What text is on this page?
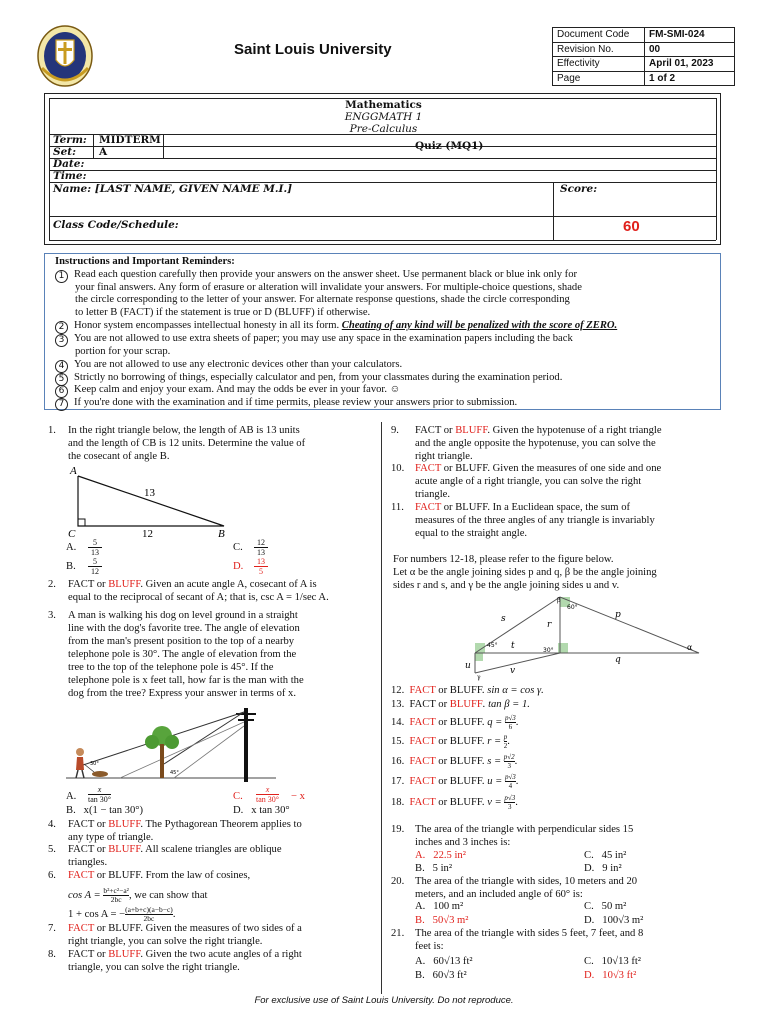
Saint Louis University
Document Code	FM-SMI-024
Revision No.	00
Effectivity	April 01, 2023
Page	1 of 2
Mathematics
ENGGMATH 1
Pre-Calculus
Term: MIDTERM
Set: A	Quiz (MQ1)
Date:
Time:
Name: [LAST NAME, GIVEN NAME M.I.]	Score:
Class Code/Schedule:	60
Instructions and Important Reminders:
1 Read each question carefully then provide your answers on the answer sheet. Use permanent black or blue ink only for
your final answers. Any form of erasure or alteration will invalidate your answers. For multiple-choice questions, shade
the circle corresponding to the letter of your answer. For alternate response questions, shade the circle corresponding
to letter B (FACT) if the statement is true or D (BLUFF) if otherwise.
2 Honor system encompasses intellectual honesty in all its form. Cheating of any kind will be penalized with the score of ZERO.
3 You are not allowed to use extra sheets of paper; you may use any space in the examination papers including the back
portion for your scrap.
4 You are not allowed to use any electronic devices other than your calculators.
5 Strictly no borrowing of things, especially calculator and pen, from your classmates during the examination period.
6 Keep calm and enjoy your exam. And may the odds be ever in your favor. ☺
7 If you're done with the examination and if time permits, please review your answers prior to submission.
1. In the right triangle below, the length of AB is 13 units
and the length of CB is 12 units. Determine the value of
the cosecant of angle B.
A
C	B
13
12
A.	5
13	C.	12
13
B.	5
12	D.	13
5
2. FACT or BLUFF. Given an acute angle A, cosecant of A is
equal to the reciprocal of secant of A; that is, csc A = 1/sec A.
3. A man is walking his dog on level ground in a straight
line with the dog's favorite tree. The angle of elevation
from the man's present position to the top of a nearby
telephone pole is 30°. The angle of elevation from the
tree to the top of the telephone pole is 45°. If the
telephone pole is x feet tall, how far is the man with the
dog from the tree? Express your answer in terms of x.
30°
45°
A.
x
tan 30°	C.
x
tan 30° − x
B. x(1 − tan 30°)	D. x tan 30°
4. FACT or BLUFF. The Pythagorean Theorem applies to
any type of triangle.
5. FACT or BLUFF. All scalene triangles are oblique
triangles.
6. FACT or BLUFF. From the law of cosines,
$\cos A = \frac{\text{b²+c²−a²}}{2bc}$ , we can show that
1 + cos A = − $\frac{(a+b+c)(a-b-c)}{2bc}$ .
7. FACT or BLUFF. Given the measures of two sides of a
right triangle, you can solve the right triangle.
8. FACT or BLUFF. Given the two acute angles of a right
triangle, you can solve the right triangle.
9. FACT or BLUFF. Given the hypotenuse of a right triangle
and the angle opposite the hypotenuse, you can solve the
right triangle.
10. FACT or BLUFF. Given the measures of one side and one
acute angle of a right triangle, you can solve the right
triangle.
11. FACT or BLUFF. In a Euclidean space, the sum of
measures of the three angles of any triangle is invariably
equal to the straight angle.
For numbers 12-18, please refer to the figure below.
Let α be the angle joining sides p and q, β be the angle joining
sides r and s, and γ be the angle joining sides u and v.
β
60°
p
s
r
45° t	30°
q
α
u	v
γ
12. FACT or BLUFF. sin α = cos γ.
13. FACT or BLUFF. tan β = 1.
14. FACT or BLUFF. $q = \frac{p√3}{6}$ .
15. FACT or BLUFF. $r = \frac{p}{2}$ .
16. FACT or BLUFF. $s = \frac{p√2}{3}$ .
17. FACT or BLUFF. $u = \frac{p√3}{4}$ .
18. FACT or BLUFF. $v = \frac{p√3}{3}$ .
19. The area of the triangle with perpendicular sides 15
inches and 3 inches is:
A. 22.5 in²	C. 45 in²
B. 5 in²	D. 9 in²
20. The area of the triangle with sides, 10 meters and 20
meters, and an included angle of 60° is:
A. 100 m²	C. 50 m²
B. 50√3 m²	D. 100√3 m²
21. The area of the triangle with sides 5 feet, 7 feet, and 8
feet is:
A. 60√13 ft²	C. 10√13 ft²
B. 60√3 ft²	D. 10√3 ft²
For exclusive use of Saint Louis University. Do not reproduce.
